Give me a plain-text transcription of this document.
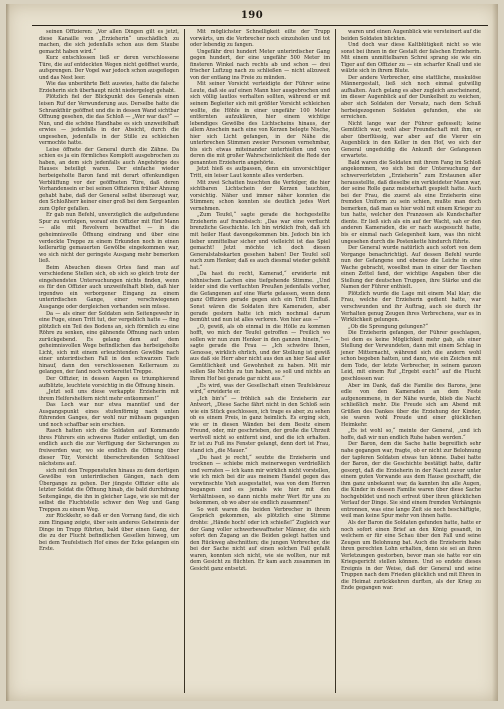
190

seinen Offizieren: „Vor allen Dingen gilt es jetzt, diese Kanaille von „Erzieherin“ unschädlich zu machen, die sich jedenfalls schon aus dem Staube gemacht haben wird.“

Kurz entschlossen ließ er deren verschlossene Türe, die auf entdeckten Wegen nicht geöffnet wurde, aufsprengen. Der Vogel war jedoch schon ausgeflogen und das Nest leer.

Wie das unberührte Bett auswies, hatte die falsche Erzieherin sich überhaupt nicht niedergelegt gehabt.

Plötzlich fiel der Blickpunkt des Generals einen leisen Ruf der Verwunderung aus. Derselbe hatte die Schrankthür geöffnet und die in dessen Wand sichtbar Offnung gesehen, die das Schloß — „Wer war das?“ — Nun, und die schöne Handhabe es sich unzweifelhaft erwies — jedenfalls in der Absicht, durch die ungesehen, jedenfalls in der Stille zu schleichen vermochte hatte.

Leise öffnete der General durch die Zähne. Da schien es ja ein förmliches Komplott ausgebrochen zu haben, an dem sich jedenfalls auch Angehörige des Hauses beteiligt waren. Der einfache wieder herbeigeholte Baron fand mit derart offenkundigen Verblüffung vor der geöffneten Türe, daß deren Vorhandensein er bei seinen Offizieren früher Ahnung gehabt habe, daß der General selbst überzeugt war, den Schloßherr keiner einer groß bei dem Sergeanten zum Opfer gefallen.

Er gab nun Befehl, unverzüglich die aufgefundene Spur zu verfolgen, worauf ein Offizier mit fünf Mann — alle mit Revolvern bewaffnet — in die geheimnisvolle Öffnung eindrang und über eine verdeckte Treppe zu einem Erkunden noch in einen kellerartig gemauerten Gewölbe eingekommen war, wo sich nicht der geringste Ausgang mehr bemerken ließ.

Beim Absuchen dieses Ortes fand man auf verschiedene Stellen sich, ob sich so gleich trotz der eingehendsten Untersuchungen nichts finden, wenn es für den Offizier auch unzweifelhaft blieb, daß hier irgendwo ein verborgener Eingang zu einem unterirdischen Gange, einer verschwiegenen Ausgange oder dergleichen vorhanden sein müsse.

Da — als einer der Soldaten sein Seitengewehr in eine Fuge, einen Tritt tut, der vergeblich hatte — fing plötzlich ein Teil des Bodens an, sich förmlich zu eine Röhre zu senken, eine gähnende Öffnung nach unten zurückgebend. Es gelang dem auf dem geheimnisvollen Wege befindlichen das herbeigeholte Licht, sich mit einem erleuchtenden Gewölbe nach einer unterirdischen Fall in den schwarzen Tiefe hinauf, dann den verschlossenen Kellerraum zu gelangen, der fand noch vorbereitet Treppe.

Der Offizier, in dessen Augen es triumphierend aufblitzte, leuchtete vorsichtig in die Öffnung hinein.

„Jetzt soll uns diese verkappte Erzieherin mit ihrem Helfershelfern nicht mehr entkommen!“

Das Loch war nur etwa manntief und der Ausgangspunkt eines stufenförmig nach unten führenden Ganges, der wohl nur mühsam gegangen und noch schaffbar sein erschien.

Rasch hatten sich die Soldaten auf Kommando ihres Führers ein schweres Ruder entledigt, um den endlich auch die zur Verfügung der Sicherungen zu freiwerden war, wo sie endlich die Offnung über dieser Tür, Vorsicht überschreitenden Schlüssel nächstens auf.

sich mit den Treppenstufen hinaus zu dem dortigen Gewölbe von unterirdischen Gängen, nach dem Übergange zu gehen. Der jüngste Offizier eilte als letzter Soldat die Öffnung hinab, die bald durchdrang Seitengänge, die ihn in gleicher Lage, wie sie mit der selbst die Fluchtstelle schwer den Weg und Gang Treppen zu einem Weg.

zur Rückkehr, so daß er den Vorrang fand, die sich zum Eingang zeigte, über sein anderes Geheimnis der Dinge im Trupp führten, bald über einen Gang, der die zu der Flucht befindlichen Gesellen hinweg, um bei dem Teufelstisch Hof eines der Ecke gelangen ein Erste.

Mit möglichster Schnelligkeit eilte der Trupp vorwärts, um die Verbrecher noch einzuholen und tot oder lebendig zu fangen.

Ungefähr drei hundert Meter unterirdischer Gang gegen hundert, der eine ungefähr 500 Meter im finsteren Winkel nach rechts ab und schon — drei frischer Luftzug nach zu schließen — nicht allzuweit von der entlang ins Freie zu münden.

Mit seiner Vorsicht verteidigte der Führer seine Leute, daß sie auf einen Mann hier ausgebrochen und sich völlig lautlos verhalten sollten, während er mit seinem Begleiter sich mit größter Vorsicht schleichen wollte, die Höhle in einer ungefähr 100 Meter entfernten aufzuklären, hier einem wichtige lebendiges Gewölbe des Lichtscheins hinaus, der allem Anschein nach eine von Kerzen belegte Nische, hier sich Licht gefangen, in der Nähe die unterbrechen Stimmen zweier Personen vernehmbar, bis sich etwas miteinander unterhielten und von deren die mit großer Wahrscheinlichkeit die Rede der genannten Erzieherin angehörte.

Jetzt hieß es aufpassen, denn ein unvorsichtiger Tritt, ein leiser Laut konnte alles verderben.

Mit zwei Schatten huschten die Verfolger, die hier sichtbaren Lichtschein der Kerzen tauchten, vorsichtig. Näher und immer näher konnten die Stimmen; schon konnten sie deutlich jedes Wort vernehmen.

„Zum Teufel,“ sagte gerade die hochgestellte Erzieherin auf französisch: „Das war eine verflucht brenzliche Geschichte. Ich bin wirklich froh, daß ich mit heiler Haut davongekommen bin. Jedoch bin ich lieber unmittelbar sicher und vielleicht ist das Spiel gemacht! Jetzt möchte ich doch diesen Generalstabskarten gesehen haben! Der Teufel soll euch zum Henker, daß es auch diesmal wieder gefehlt hat.“

„Da hast du recht, Kamerad,“ erwiderte mit höhnischem Lachen eine tiefgehende Stimme. „Und leider sind die verfluchten Preußen jedenfalls vorher, die Gefangenen auf eine Warte gelassen, wenn denn ganz Offiziere gerade gegen sich ein Tritt Einfluß. Sonst wären die Soldaten ihre Kameraden, aber gerade gestern hatte ich mich nochmal darum bemüht und nun ist alles verloren. Von hier aus —“

„O, gewiß, als ob einmal in die Hölle zu kommen hofft, wo mich der Teufel getroffen — Freilich wo sollen wir nun zum Henker in den ganzen hinein,“ — sagte gerade die Frau — „Ich schwöre Ihnen, Genosse, wirklich ehrlich, und der Stellung ist gewiß aus daß sie Herr aber nicht aus den an hier Saal aller Gemütlichkeit und Gewohnheit zu haben. Mit mir sollen Sie Nichts zu tun haben, so soll und nichts an Ihrem Hof bei gerade gar nicht aus.“

„Es wird, was der Gesellschaft einen Teufelskreuz wird,“ erwiderte er.

„Ich bin's“ — fröhlich sah die Erzieherin zur Antwort, „Diese Sache fährt nicht in den Schloß sein wie ein Stück geschlossen, ich trage es aber, zu sehen ob es einem Preis, in ganz heimlich. Es erging sich, wie er in diesen Wänden bei dem Besitz einem Freund, oder, mir geschrieben, der große die Uhrzeit wertvoll nicht so entfernt sind, und die ich erhalten. Er ist zu Fuß ins Fenster gelangt, denn dort ist Frau, stand ich „die Mauer.“

„Du hast je recht,“ seufzte die Erzieherin und trocknen — schiebe mich meinerwegen verdrießlich und verraten — ich kann mir wirklich nicht vorstellen, wie ich mich bei dir aus meinem Handel gegen das verwünschte Vieh ausgestattet, was von dem Herren begangen und es jemals wie hier mit den Verhältnissen, so dann nichts mehr Wert für uns zu bekommen, ob wo aber sie endlich zusammen!“

So weit waren die beiden Verbrecher in ihrem Gespräch gekommen, als plötzlich eine Stimme drohte: „Hände hoch! oder ich schieße!“ Zugleich war der Gang voller schwerbewaffneter Männer, die sich sofort den Zugang an die Beiden gelegt hatten und den Rückweg abschnitten; die jungen Verbrecher, die bei der Sache nicht auf einen solchen Fall gefaßt waren, konnten sich nicht, wie sie wollten, nur mit dem Gesicht zu flüchten. Er kam auch zusammen im Gesicht ganz entsetzt.

waren und einen Augenblick wie versteinert auf die beiden Soldaten blickten.

Und doch war diese Kaltblütigkeit nicht so wie sonst bei ihnen in der Gestalt der falschen Erzieherin. Mit einem unmittelbaren Schrei sprang sie wie ein Tiger auf den Offizier zu — ein scharfer Knall und sie wälzte sich in ihrem Blute.

Der andere Verbrecher, eine stattliche, muskulöse Männergestalt, ließ sich noch einmal gutwillig aufhalten. Auch gelang es aber zugleich anscheinend, im dieser Augenblick auf der Dunkelheit zu weichen, aber sich Soldaten der Vorsatz, nach dem Schuß herbeigezogenen Soldaten gefunden, ehe sie erreichen.

Nicht lange war der Führer gefesselt; keine Gemütlich war, wohl aber Freundschaft mit ihm, er aber überflüssig, war aber auf die Vierer ein Augenblick in den Keller in den Hof, wo sich der General ungeduldig die Ankunft der Gefangenen erwartete.

Bald waren die Soldaten mit ihrem Fang im Schloß angekommen, wo sich bei der Untersuchung der schwerverletzten „Erzieherin“ zum Erstaunen aller herausstellte, daß dieselbe ein verkleideter Mann war, der seine Rolle ganz meisterhaft gespielt hatte. Auch bei der Frau, die zuerst als eine Erzieherin eine fremden Uniform zu sein schien, mußte man doch bemerken, daß man es hier wohl mit einem Krieger zu tun hatte, welcher den Franzosen als Kundschafter diente. Er ließ sich als ein auf der Wacht, sah er den anderen Kameraden, die er nach ausgesucht hatte, bis er einmal nach Gelegenheit kam, was ihn nicht ungesehen durch die Postenkette hindurch führte.

Der General wurde natürlich auch sofort von dem Vorgange benachrichtigt. Auf dessen Befehl wurde nun der Gefangene und ebenso die Leiche in eine Wache gebracht, woselbst man in einer der Taschen einen Zettel fand, der wichtige Angaben über die Stellung der deutschen Truppen, ihre Stärke und die Namen der Führer enthielt.

Plötzlich wurde die Lage mit einem Mal klar; die Frau, welche der Erzieherin gedient hatte, war verschwunden und ihr Auftrag, auch sie durch ihr Verhalten genug Zeugen ihres Verbrechens, war es in Wirklichkeit gelungen.

„Ob die Sprengung gelungen?“

Die Erzieherin gefangen, der Führer geschlagen, bei dem es keine Möglichkeit mehr gab, als einer Stellung der Verwundeten, dann mit einem Schlag in jener Mitternacht, während sich die andern wohl schon begeben hatten, und dann, wie ein Zeichen mit dem Tode, der letzte Verbrecher, in seinem ganzen Leid, mit einem Ruf „Ergebt euch!“ auf die Flucht geschlossen war.

Aber im Dank, daß die Familie des Barons, jene edle von den Kameraden an dem Feste aufgenommene, in der Nähe wurde, blieb die Nacht schließlich mehr. Die Freude sich am Abend mit Grüßen des Dankes über die Erziehung der Kinder, sie waren wohl Freude und einer glücklichen Heimkehr.

„Es ist wohl so,“ meinte der General, „und ich hoffe, daß wir nun endlich Ruhe haben werden.“

Der Baron, dem die Sache hatte begreiflich sehr nahe gegangen war, fragte, ob er nicht zur Belohnung der tapferen Soldaten etwas tun könne. Dabei hatte der Baron, der die Geschichte bestätigt hatte, dafür gesorgt, daß die Erzieherin in der Nacht zuvor unter einem guten Vorwande aus dem Hause geschafft, die ihm ganz unbekannt war, da kannten ihn alle Augen, die Kinder in dessen Familie waren über diese Sache hochgebildet und noch erfreut über ihren glücklichen Verlauf der Dinge. Sie sind einem fremden Verhängnis entronnen, was eine lange Zeit sie noch beschäftigte, weil man keine Spur mehr von ihnen hatte.

Als der Baron die Soldaten gefunden hatte, hatte er noch sofort einen Brief an den König gesandt, in welchem er für eine Schau über den Fall und seine Zeugen um Belohnung bat. Auch die Erzieherin habe ihren gerechten Lohn erhalten, denn sie sei an ihren Verletzungen gestorben, bevor man sie hatte vor ein Kriegsgericht stellen können. Und so endete dieses Ereignis in der Weise, daß der General und seine Truppen nach dem Frieden glücklich und mit Ehren in die Heimat zurückkehren durften, als der Krieg zu Ende gegangen war.
